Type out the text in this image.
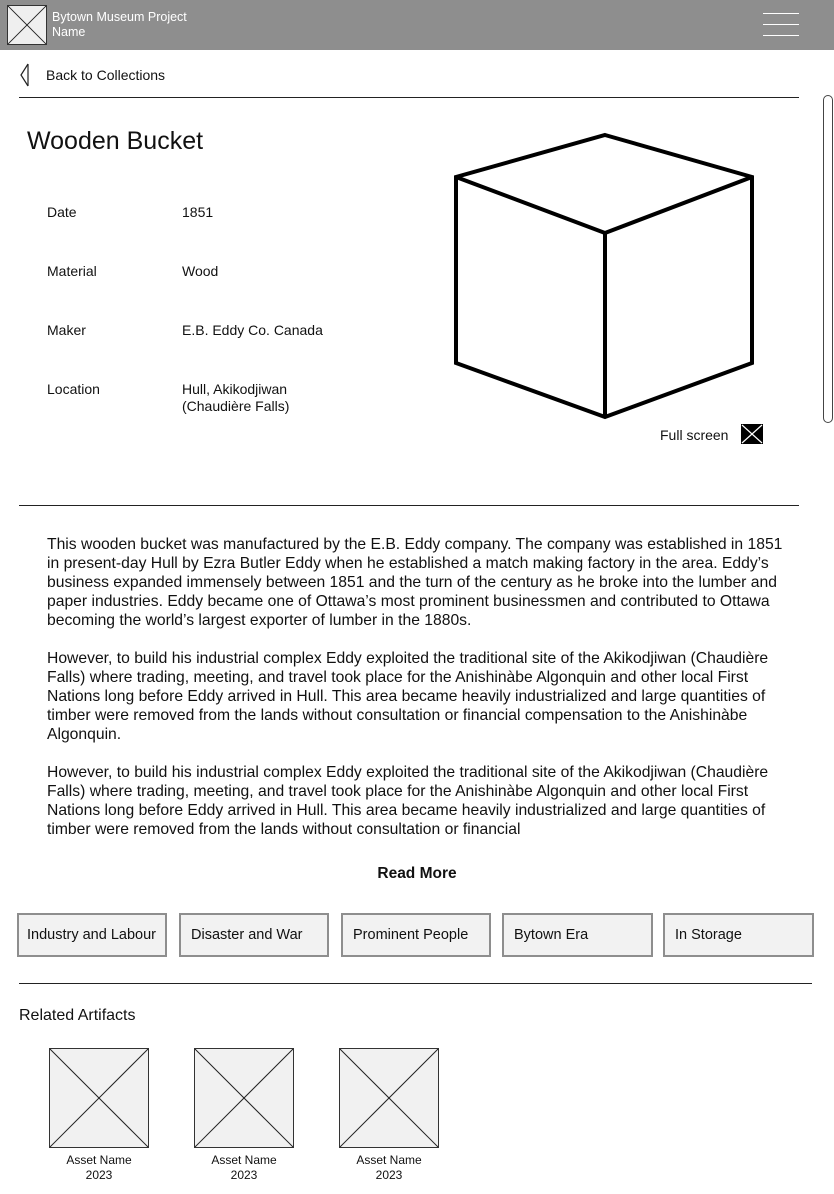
Bytown Museum Project Name
Back to Collections
Wooden Bucket
Date	1851
Material	Wood
Maker	E.B. Eddy Co. Canada
Location	Hull, Akikodjiwan (Chaudière Falls)
Full screen

This wooden bucket was manufactured by the E.B. Eddy company. The company was established in 1851 in present-day Hull by Ezra Butler Eddy when he established a match making factory in the area. Eddy’s business expanded immensely between 1851 and the turn of the century as he broke into the lumber and paper industries. Eddy became one of Ottawa’s most prominent businessmen and contributed to Ottawa becoming the world’s largest exporter of lumber in the 1880s.

However, to build his industrial complex Eddy exploited the traditional site of the Akikodjiwan (Chaudière Falls) where trading, meeting, and travel took place for the Anishinàbe Algonquin and other local First Nations long before Eddy arrived in Hull. This area became heavily industrialized and large quantities of timber were removed from the lands without consultation or financial compensation to the Anishinàbe Algonquin.

However, to build his industrial complex Eddy exploited the traditional site of the Akikodjiwan (Chaudière Falls) where trading, meeting, and travel took place for the Anishinàbe Algonquin and other local First Nations long before Eddy arrived in Hull. This area became heavily industrialized and large quantities of timber were removed from the lands without consultation or financial

Read More
Industry and Labour	Disaster and War	Prominent People	Bytown Era	In Storage
Related Artifacts
Asset Name
2023
Asset Name
2023
Asset Name
2023
